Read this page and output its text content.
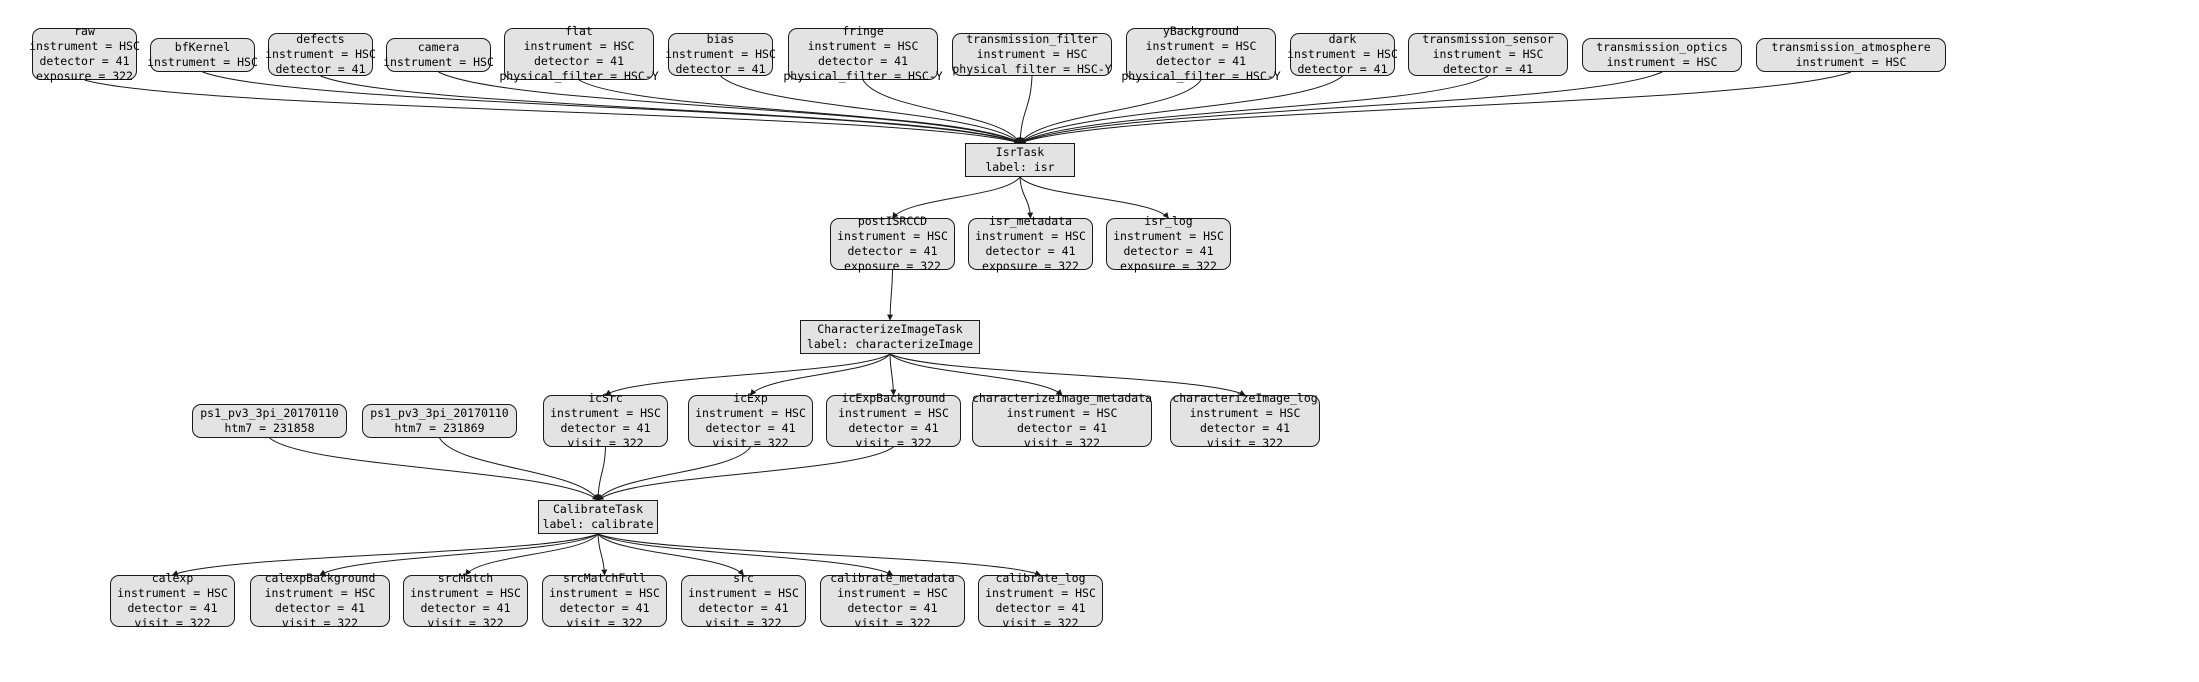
raw
instrument = HSC
detector = 41
exposure = 322
bfKernel
instrument = HSC
defects
instrument = HSC
detector = 41
camera
instrument = HSC
flat
instrument = HSC
detector = 41
physical_filter = HSC-Y
bias
instrument = HSC
detector = 41
fringe
instrument = HSC
detector = 41
physical_filter = HSC-Y
transmission_filter
instrument = HSC
physical_filter = HSC-Y
yBackground
instrument = HSC
detector = 41
physical_filter = HSC-Y
dark
instrument = HSC
detector = 41
transmission_sensor
instrument = HSC
detector = 41
transmission_optics
instrument = HSC
transmission_atmosphere
instrument = HSC
IsrTask
label: isr
postISRCCD
instrument = HSC
detector = 41
exposure = 322
isr_metadata
instrument = HSC
detector = 41
exposure = 322
isr_log
instrument = HSC
detector = 41
exposure = 322
CharacterizeImageTask
label: characterizeImage
icSrc
instrument = HSC
detector = 41
visit = 322
icExp
instrument = HSC
detector = 41
visit = 322
icExpBackground
instrument = HSC
detector = 41
visit = 322
characterizeImage_metadata
instrument = HSC
detector = 41
visit = 322
characterizeImage_log
instrument = HSC
detector = 41
visit = 322
ps1_pv3_3pi_20170110
htm7 = 231858
ps1_pv3_3pi_20170110
htm7 = 231869
CalibrateTask
label: calibrate
calexp
instrument = HSC
detector = 41
visit = 322
calexpBackground
instrument = HSC
detector = 41
visit = 322
srcMatch
instrument = HSC
detector = 41
visit = 322
srcMatchFull
instrument = HSC
detector = 41
visit = 322
src
instrument = HSC
detector = 41
visit = 322
calibrate_metadata
instrument = HSC
detector = 41
visit = 322
calibrate_log
instrument = HSC
detector = 41
visit = 322
